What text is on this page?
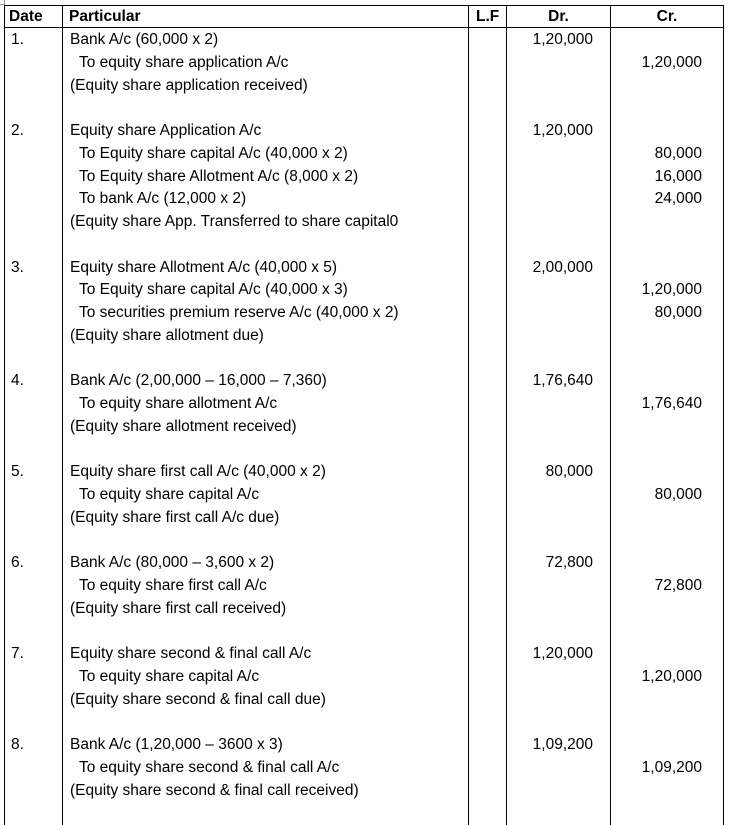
Date	Particular	L.F	Dr.	Cr.

1.	Bank A/c (60,000 x 2)
To equity share application A/c
(Equity share application received)		1,20,000	1,20,000

2.	Equity share Application A/c
To Equity share capital A/c (40,000 x 2)
To Equity share Allotment A/c (8,000 x 2)
To bank A/c (12,000 x 2)
(Equity share App. Transferred to share capital0		1,20,000	80,000
16,000
24,000

3.	Equity share Allotment A/c (40,000 x 5)
To Equity share capital A/c (40,000 x 3)
To securities premium reserve A/c (40,000 x 2)
(Equity share allotment due)		2,00,000	1,20,000
80,000

4.	Bank A/c (2,00,000 – 16,000 – 7,360)
To equity share allotment A/c
(Equity share allotment received)		1,76,640	1,76,640

5.	Equity share first call A/c (40,000 x 2)
To equity share capital A/c
(Equity share first call A/c due)		80,000	80,000

6.	Bank A/c (80,000 – 3,600 x 2)
To equity share first call A/c
(Equity share first call received)		72,800	72,800

7.	Equity share second & final call A/c
To equity share capital A/c
(Equity share second & final call due)		1,20,000	1,20,000

8.	Bank A/c (1,20,000 – 3600 x 3)
To equity share second & final call A/c
(Equity share second & final call received)		1,09,200	1,09,200
